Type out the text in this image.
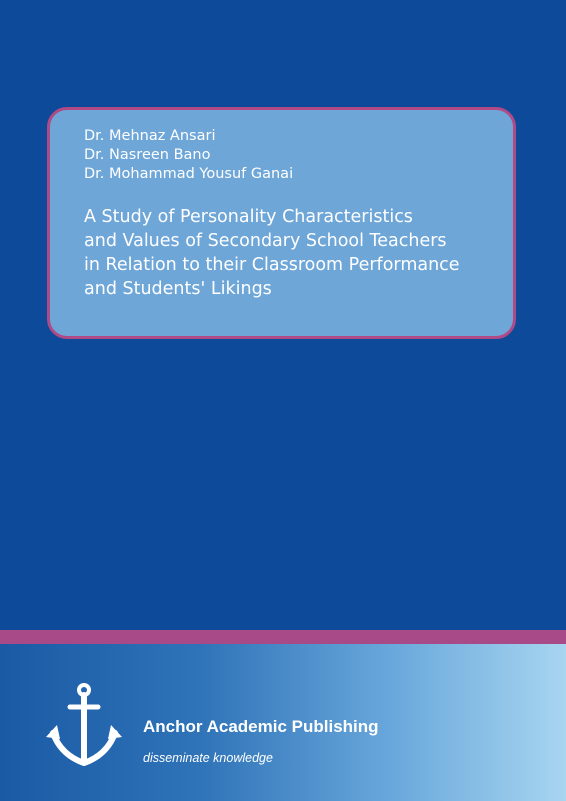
Dr. Mehnaz Ansari
Dr. Nasreen Bano
Dr. Mohammad Yousuf Ganai
A Study of Personality Characteristics
and Values of Secondary School Teachers
in Relation to their Classroom Performance
and Students' Likings
Anchor Academic Publishing
disseminate knowledge
